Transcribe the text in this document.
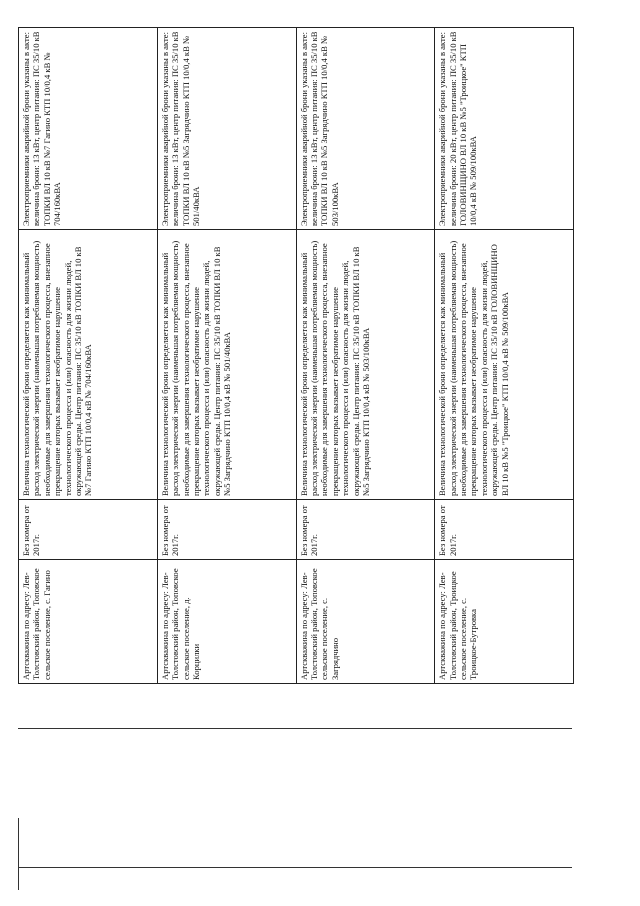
Артскважина по адресу: Лев-Толстовский район, Топовское сельское поселение, с. Гагино	Без номера от 2017г.	Величина технологической брони определяется как минимальный расход электрической энергии (наименьшая потребляемая мощность) необходимые для завершения технологического процесса, внезапное прекращение которых вызывает необратимое нарушение технологического процесса и (или) опасность для жизни людей, окружающей среды. Центр питания: ПС 35/10 кВ ТОПКИ ВЛ 10 кВ №7 Гагино КТП 10/0,4 кВ № 704/160кВА	Электроприемники аварийной брони указаны в акте: величина брони: 13 кВт, центр питания: ПС 35/10 кВ ТОПКИ ВЛ 10 кВ №7 Гагино КТП 10/0,4 кВ № 704/160кВА
Артскважина по адресу: Лев-Толстовский район, Топовское сельское поселение, д. Корцилки	Без номера от 2017г.	Величина технологической брони определяется как минимальный расход электрической энергии (наименьшая потребляемая мощность) необходимые для завершения технологического процесса, внезапное прекращение которых вызывает необратимое нарушение технологического процесса и (или) опасность для жизни людей, окружающей среды. Центр питания: ПС 35/10 кВ ТОПКИ ВЛ 10 кВ №5 Загрядчино КТП 10/0,4 кВ № 501/40кВА	Электроприемники аварийной брони указаны в акте: величина брони: 13 кВт, центр питания: ПС 35/10 кВ ТОПКИ ВЛ 10 кВ №5 Загрядчино КТП 10/0,4 кВ № 501/40кВА
Артскважина по адресу: Лев-Толстовский район, Топовское сельское поселение, с. Загрядчино	Без номера от 2017г.	Величина технологической брони определяется как минимальный расход электрической энергии (наименьшая потребляемая мощность) необходимые для завершения технологического процесса, внезапное прекращение которых вызывает необратимое нарушение технологического процесса и (или) опасность для жизни людей, окружающей среды. Центр питания: ПС 35/10 кВ ТОПКИ ВЛ 10 кВ №5 Загрядчино КТП 10/0,4 кВ № 503/100кВА	Электроприемники аварийной брони указаны в акте: величина брони: 13 кВт, центр питания: ПС 35/10 кВ ТОПКИ ВЛ 10 кВ №5 Загрядчино КТП 10/0,4 кВ № 503/100кВА
Артскважина по адресу: Лев-Толстовский район, Троицкое сельское поселение, с. Троицкое-Бутровка	Без номера от 2017г.	Величина технологической брони определяется как минимальный расход электрической энергии (наименьшая потребляемая мощность) необходимые для завершения технологического процесса, внезапное прекращение которых вызывает необратимое нарушение технологического процесса и (или) опасность для жизни людей, окружающей среды. Центр питания: ПС 35/10 кВ ГОЛОВИНЩИНО ВЛ 10 кВ №5 "Троицкое" КТП 10/0,4 кВ № 509/100кВА	Электроприемники аварийной брони указаны в акте: величина брони: 20 кВт, центр питания: ПС 35/10 кВ ГОЛОВИНЩИНО ВЛ 10 кВ №5 "Троицкое" КТП 10/0,4 кВ № 509/100кВА
